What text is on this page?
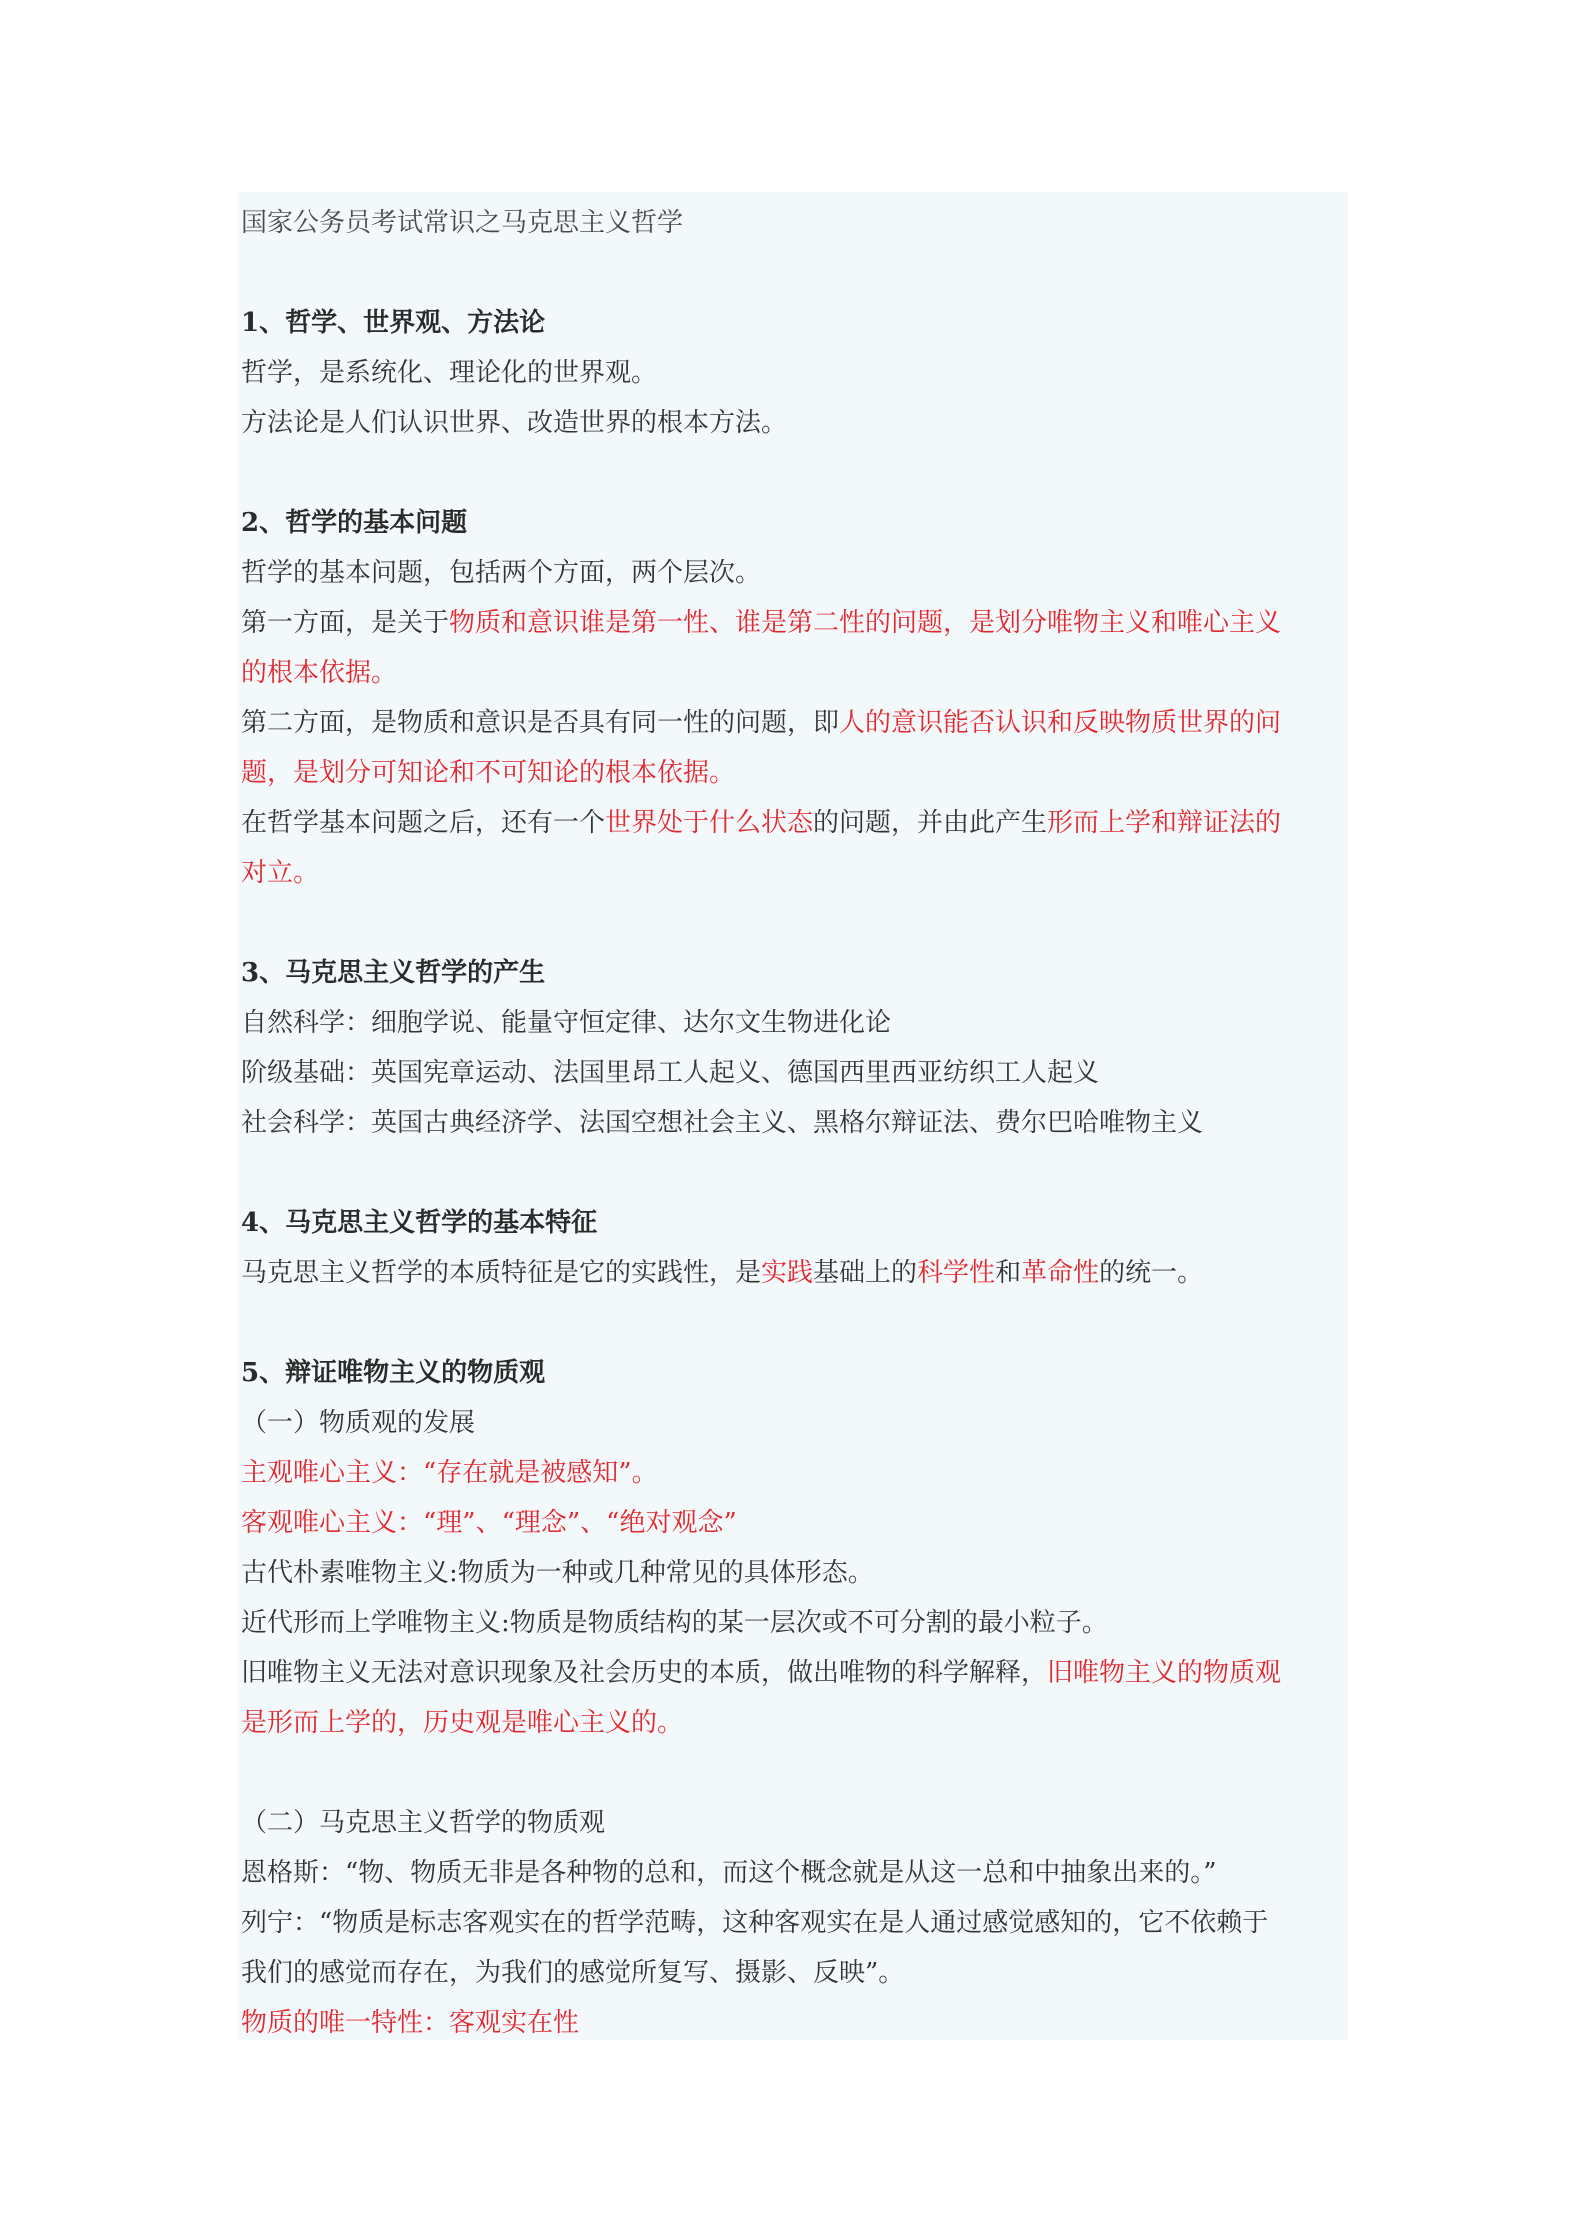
国家公务员考试常识之马克思主义哲学

1、哲学、世界观、方法论

哲学，是系统化、理论化的世界观。

方法论是人们认识世界、改造世界的根本方法。

2、哲学的基本问题

哲学的基本问题，包括两个方面，两个层次。

第一方面，是关于物质和意识谁是第一性、谁是第二性的问题，是划分唯物主义和唯心主义

的根本依据。

第二方面，是物质和意识是否具有同一性的问题，即人的意识能否认识和反映物质世界的问

题，是划分可知论和不可知论的根本依据。

在哲学基本问题之后，还有一个世界处于什么状态的问题，并由此产生形而上学和辩证法的

对立。

3、马克思主义哲学的产生

自然科学：细胞学说、能量守恒定律、达尔文生物进化论

阶级基础：英国宪章运动、法国里昂工人起义、德国西里西亚纺织工人起义

社会科学：英国古典经济学、法国空想社会主义、黑格尔辩证法、费尔巴哈唯物主义

4、马克思主义哲学的基本特征

马克思主义哲学的本质特征是它的实践性，是实践基础上的科学性和革命性的统一。

5、辩证唯物主义的物质观

（一）物质观的发展

主观唯心主义：“存在就是被感知”。

客观唯心主义：“理”、“理念”、“绝对观念”

古代朴素唯物主义:物质为一种或几种常见的具体形态。

近代形而上学唯物主义:物质是物质结构的某一层次或不可分割的最小粒子。

旧唯物主义无法对意识现象及社会历史的本质，做出唯物的科学解释，旧唯物主义的物质观

是形而上学的，历史观是唯心主义的。

（二）马克思主义哲学的物质观

恩格斯：“物、物质无非是各种物的总和，而这个概念就是从这一总和中抽象出来的。”

列宁：“物质是标志客观实在的哲学范畴，这种客观实在是人通过感觉感知的，它不依赖于

我们的感觉而存在，为我们的感觉所复写、摄影、反映”。

物质的唯一特性：客观实在性
